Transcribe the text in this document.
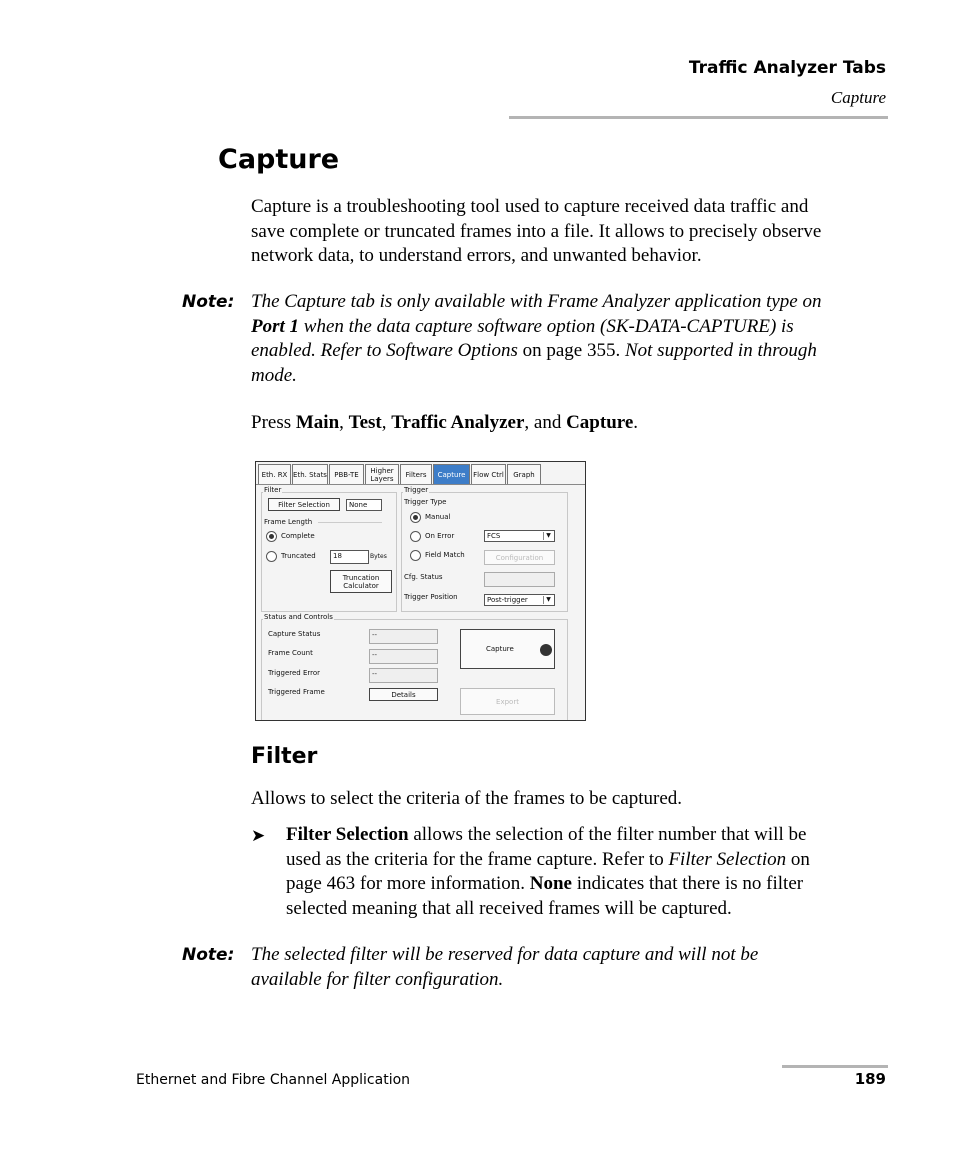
Traffic Analyzer Tabs
Capture
Capture
Capture is a troubleshooting tool used to capture received data traffic and
save complete or truncated frames into a file. It allows to precisely observe
network data, to understand errors, and unwanted behavior.
Note: The Capture tab is only available with Frame Analyzer application type on
Port 1 when the data capture software option (SK-DATA-CAPTURE) is
enabled. Refer to Software Options on page 355. Not supported in through
mode.
Press Main, Test, Traffic Analyzer, and Capture.
Eth. RX Eth. Stats	PBB-TE	Higher Layers	Filters	Capture	Flow Ctrl	Graph
Filter
Filter Selection	None
Frame Length
Complete
Truncated	18	Bytes
Truncation Calculator
Trigger
Trigger Type
Manual
On Error	FCS	▼
Field Match	Configuration
Cfg. Status
Trigger Position	Post-trigger	▼
Status and Controls
Capture Status	--
Frame Count	--
Triggered Error	--
Triggered Frame	Details
Capture
Export
Filter
Allows to select the criteria of the frames to be captured.
➤ Filter Selection allows the selection of the filter number that will be
used as the criteria for the frame capture. Refer to Filter Selection on
page 463 for more information. None indicates that there is no filter
selected meaning that all received frames will be captured.
Note: The selected filter will be reserved for data capture and will not be
available for filter configuration.
Ethernet and Fibre Channel Application	189
